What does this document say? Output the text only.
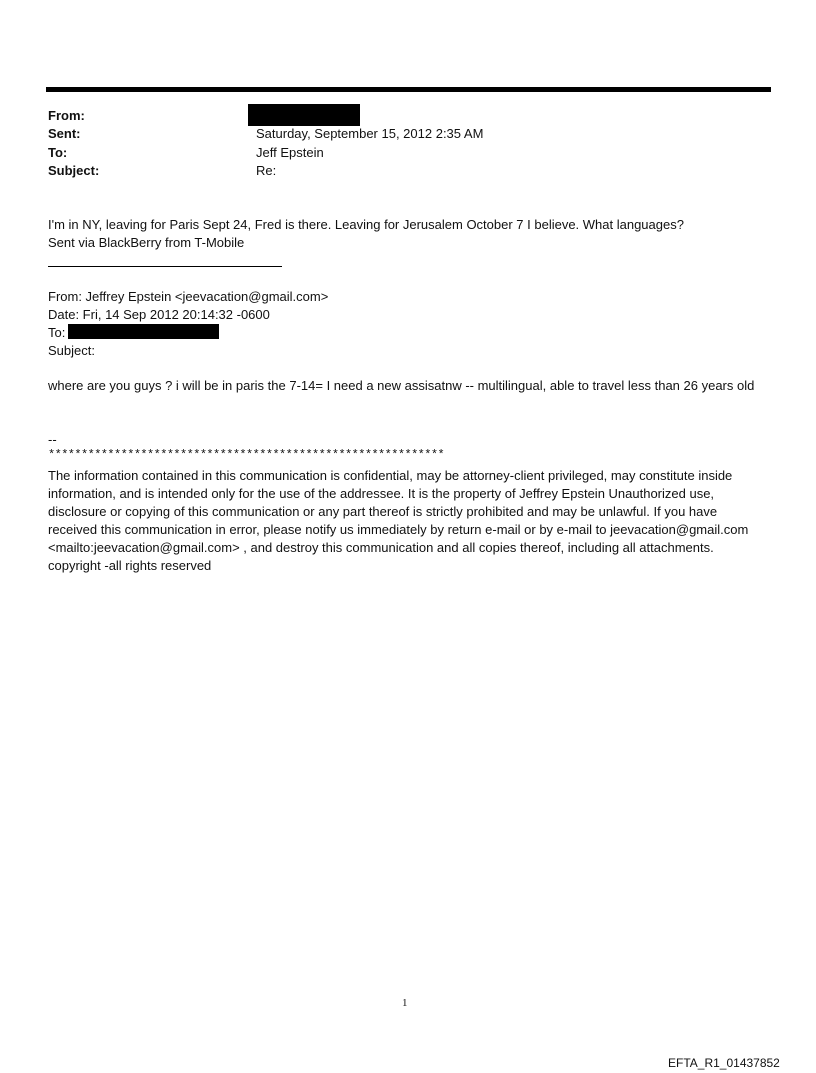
From:
Sent:	Saturday, September 15, 2012 2:35 AM
To:	Jeff Epstein
Subject:	Re:
I'm in NY, leaving for Paris Sept 24, Fred is there. Leaving for Jerusalem October 7 I believe. What languages?
Sent via BlackBerry from T-Mobile
From: Jeffrey Epstein <jeevacation@gmail.com>
Date: Fri, 14 Sep 2012 20:14:32 -0600
To:
Subject:
where are you guys ? i will be in paris the 7-14= I need a new assisatnw -- multilingual, able to travel less than 26 years old
--
************************************************************
The information contained in this communication is confidential, may be attorney-client privileged, may constitute inside information, and is intended only for the use of the addressee. It is the property of Jeffrey Epstein Unauthorized use, disclosure or copying of this communication or any part thereof is strictly prohibited and may be unlawful. If you have received this communication in error, please notify us immediately by return e-mail or by e-mail to jeevacation@gmail.com <mailto:jeevacation@gmail.com> , and destroy this communication and all copies thereof, including all attachments. copyright -all rights reserved
1
EFTA_R1_01437852
